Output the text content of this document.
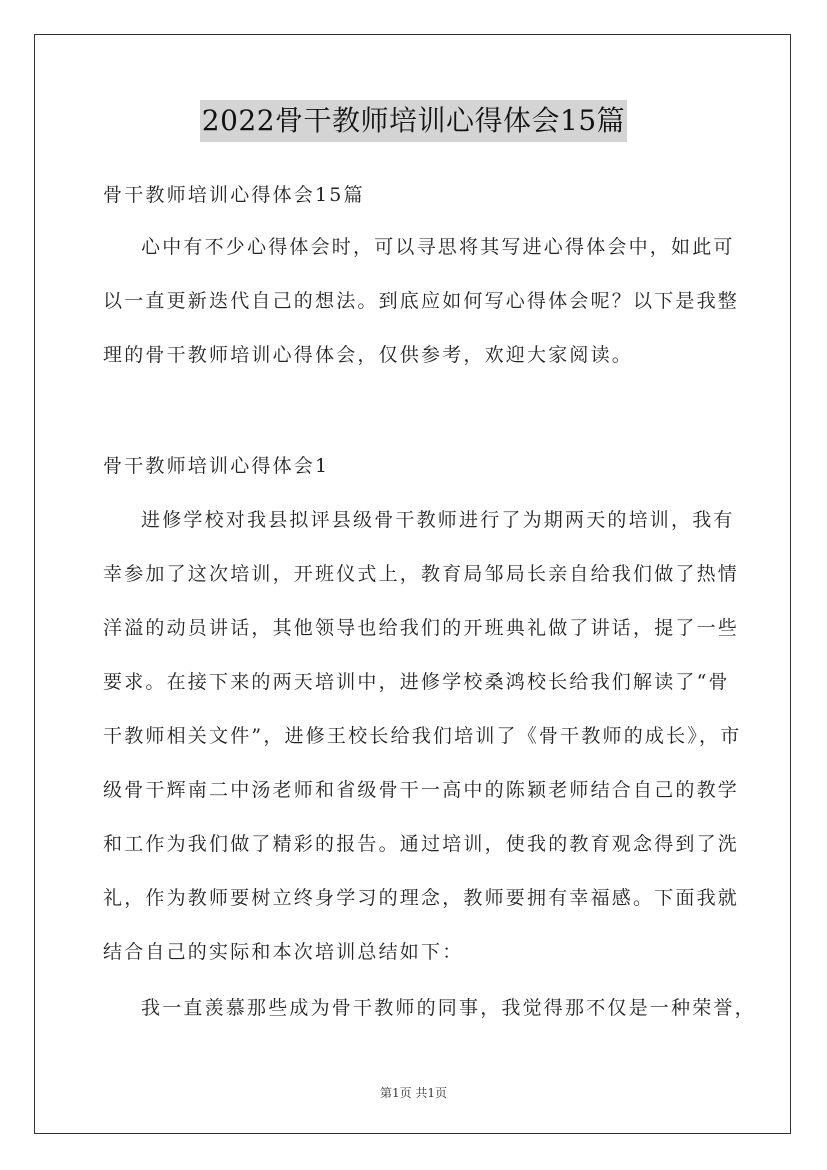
2022骨干教师培训心得体会15篇
骨干教师培训心得体会15篇
心中有不少心得体会时，可以寻思将其写进心得体会中，如此可
以一直更新迭代自己的想法。到底应如何写心得体会呢？以下是我整
理的骨干教师培训心得体会，仅供参考，欢迎大家阅读。
骨干教师培训心得体会1
进修学校对我县拟评县级骨干教师进行了为期两天的培训，我有
幸参加了这次培训，开班仪式上，教育局邹局长亲自给我们做了热情
洋溢的动员讲话，其他领导也给我们的开班典礼做了讲话，提了一些
要求。在接下来的两天培训中，进修学校桑鸿校长给我们解读了“骨
干教师相关文件”，进修王校长给我们培训了《骨干教师的成长》，市
级骨干辉南二中汤老师和省级骨干一高中的陈颖老师结合自己的教学
和工作为我们做了精彩的报告。通过培训，使我的教育观念得到了洗
礼，作为教师要树立终身学习的理念，教师要拥有幸福感。下面我就
结合自己的实际和本次培训总结如下：
我一直羡慕那些成为骨干教师的同事，我觉得那不仅是一种荣誉，
第1页 共1页
